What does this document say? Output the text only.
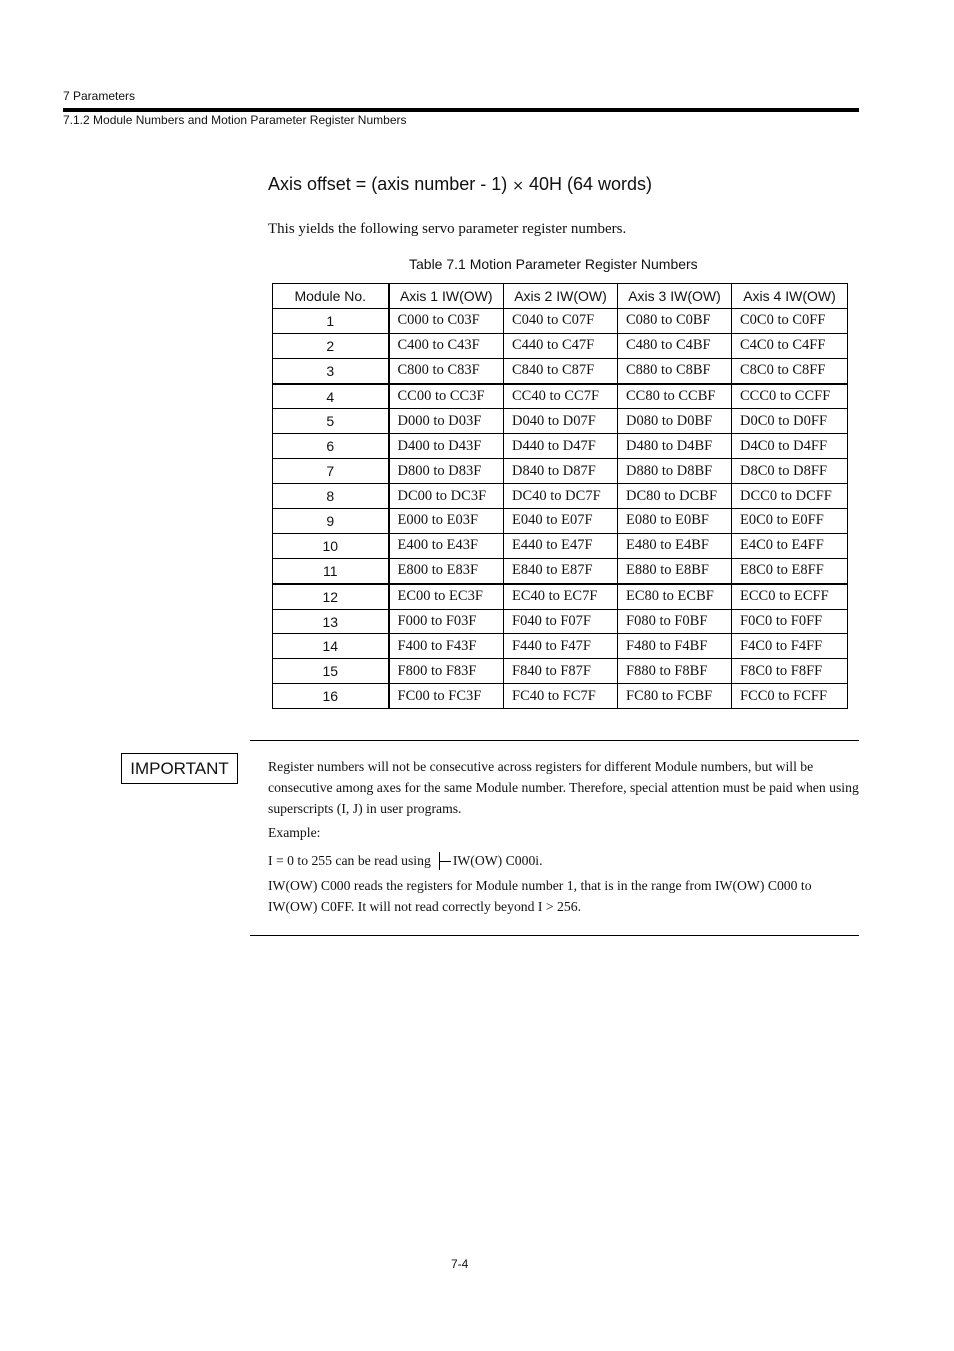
7 Parameters
7.1.2 Module Numbers and Motion Parameter Register Numbers
Axis offset = (axis number - 1) × 40H (64 words)
This yields the following servo parameter register numbers.
Table 7.1 Motion Parameter Register Numbers
Module No.	Axis 1 IW(OW)	Axis 2 IW(OW)	Axis 3 IW(OW)	Axis 4 IW(OW)
1	C000 to C03F	C040 to C07F	C080 to C0BF	C0C0 to C0FF
2	C400 to C43F	C440 to C47F	C480 to C4BF	C4C0 to C4FF
3	C800 to C83F	C840 to C87F	C880 to C8BF	C8C0 to C8FF
4	CC00 to CC3F	CC40 to CC7F	CC80 to CCBF	CCC0 to CCFF
5	D000 to D03F	D040 to D07F	D080 to D0BF	D0C0 to D0FF
6	D400 to D43F	D440 to D47F	D480 to D4BF	D4C0 to D4FF
7	D800 to D83F	D840 to D87F	D880 to D8BF	D8C0 to D8FF
8	DC00 to DC3F	DC40 to DC7F	DC80 to DCBF	DCC0 to DCFF
9	E000 to E03F	E040 to E07F	E080 to E0BF	E0C0 to E0FF
10	E400 to E43F	E440 to E47F	E480 to E4BF	E4C0 to E4FF
11	E800 to E83F	E840 to E87F	E880 to E8BF	E8C0 to E8FF
12	EC00 to EC3F	EC40 to EC7F	EC80 to ECBF	ECC0 to ECFF
13	F000 to F03F	F040 to F07F	F080 to F0BF	F0C0 to F0FF
14	F400 to F43F	F440 to F47F	F480 to F4BF	F4C0 to F4FF
15	F800 to F83F	F840 to F87F	F880 to F8BF	F8C0 to F8FF
16	FC00 to FC3F	FC40 to FC7F	FC80 to FCBF	FCC0 to FCFF
IMPORTANT	Register numbers will not be consecutive across registers for different Module numbers, but will be consecutive among axes for the same Module number. Therefore, special attention must be paid when using superscripts (I, J) in user programs.

Example:

I = 0 to 255 can be read using IW(OW) C000i.

IW(OW) C000 reads the registers for Module number 1, that is in the range from IW(OW) C000 to IW(OW) C0FF. It will not read correctly beyond I > 256.

7-4
